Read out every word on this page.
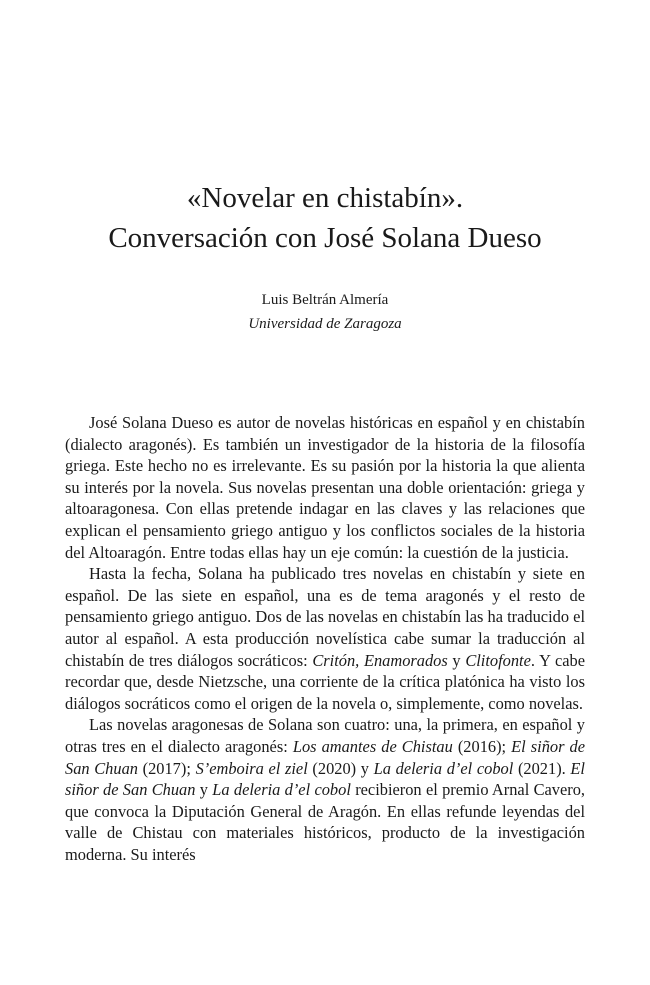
«Novelar en chistabín».
Conversación con José Solana Dueso
Luis Beltrán Almería
Universidad de Zaragoza

José Solana Dueso es autor de novelas históricas en español y en chistabín (dialecto aragonés). Es también un investigador de la historia de la filosofía griega. Este hecho no es irrelevante. Es su pasión por la historia la que alienta su interés por la novela. Sus novelas presentan una doble orientación: griega y altoaragonesa. Con ellas pretende indagar en las claves y las relaciones que explican el pensamiento griego antiguo y los conflictos sociales de la historia del Altoaragón. Entre todas ellas hay un eje común: la cuestión de la justicia.

Hasta la fecha, Solana ha publicado tres novelas en chistabín y siete en español. De las siete en español, una es de tema aragonés y el resto de pensamiento griego antiguo. Dos de las novelas en chistabín las ha traducido el autor al español. A esta producción novelística cabe sumar la traducción al chistabín de tres diálogos socráticos: Critón, Enamorados y Clitofonte. Y cabe recordar que, desde Nietzsche, una corriente de la crítica platónica ha visto los diálogos socráticos como el origen de la novela o, simplemente, como novelas.

Las novelas aragonesas de Solana son cuatro: una, la primera, en español y otras tres en el dialecto aragonés: Los amantes de Chistau (2016); El siñor de San Chuan (2017); S’emboira el ziel (2020) y La deleria d’el cobol (2021). El siñor de San Chuan y La deleria d’el cobol recibieron el premio Arnal Cavero, que convoca la Diputación General de Aragón. En ellas refunde leyendas del valle de Chistau con materiales históricos, producto de la investigación moderna. Su interés
